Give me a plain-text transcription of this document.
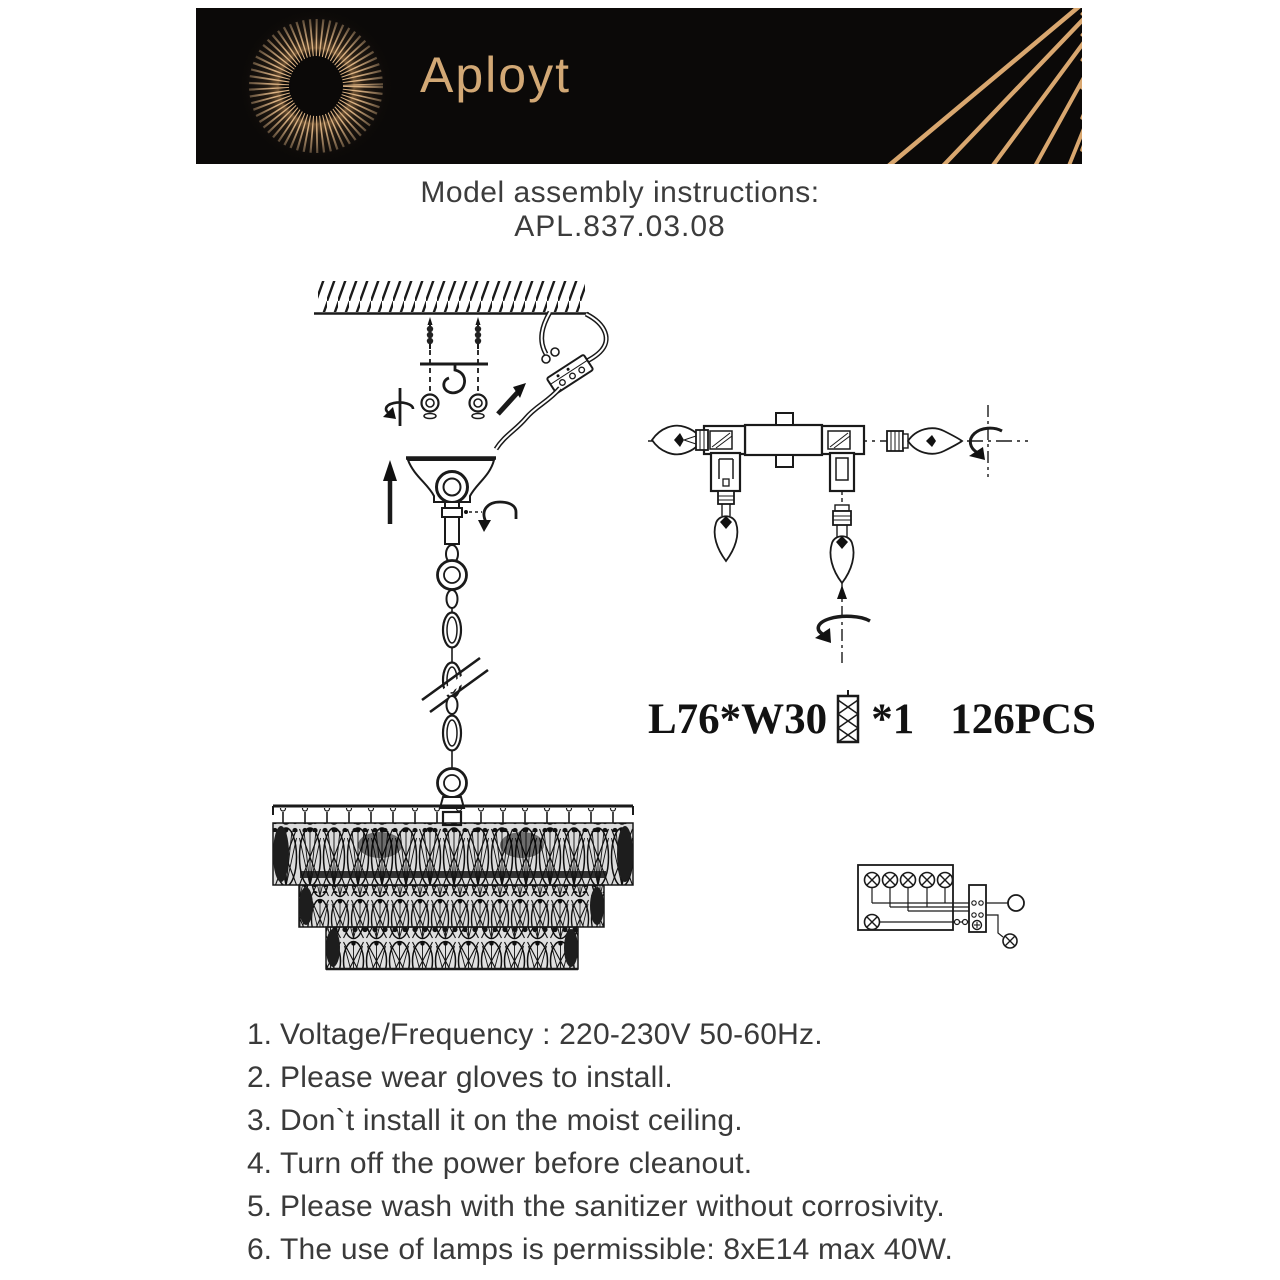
Aployt
Model assembly instructions:
APL.837.03.08
L76*W30 *1 126PCS
1. Voltage/Frequency : 220-230V 50-60Hz.
2. Please wear gloves to install.
3. Don`t install it on the moist ceiling.
4. Turn off the power before cleanout.
5. Please wash with the sanitizer without corrosivity.
6. The use of lamps is permissible: 8xE14 max 40W.
